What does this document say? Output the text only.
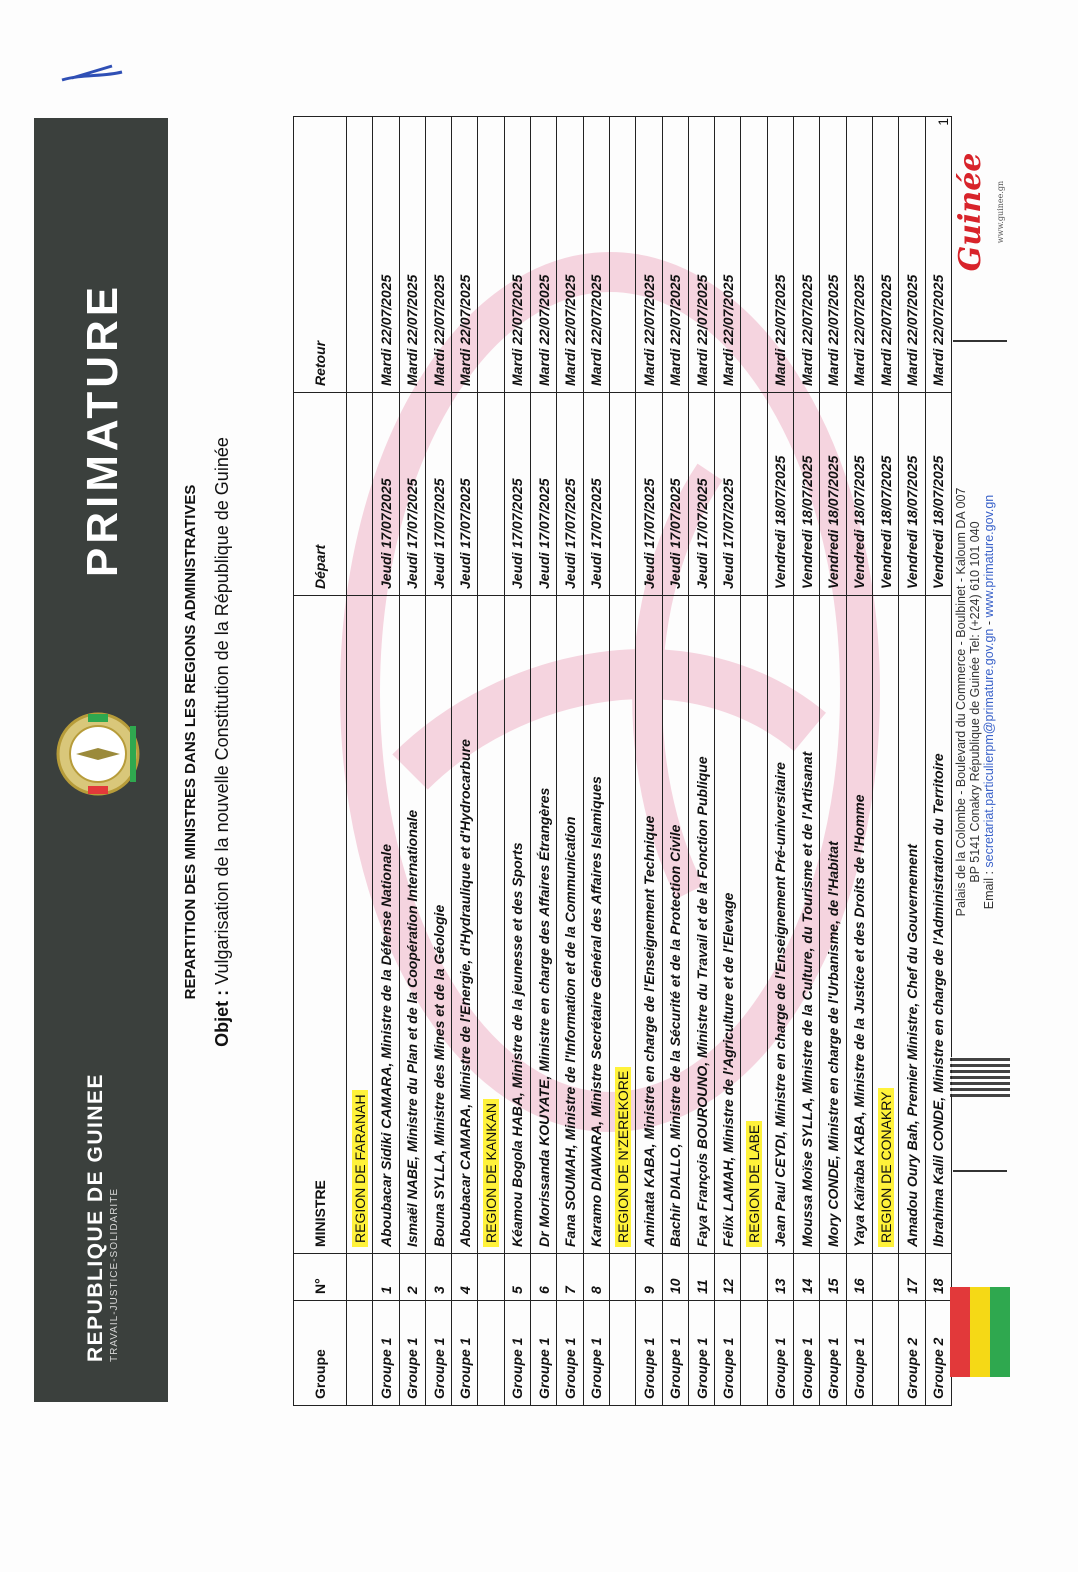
REPUBLIQUE DE GUINEE TRAVAIL-JUSTICE-SOLIDARITE
PRIMATURE
REPARTITION DES MINISTRES DANS LES REGIONS ADMINISTRATIVES
Objet : Vulgarisation de la nouvelle Constitution de la République de Guinée
Groupe	N°	MINISTRE	Départ	Retour
		REGION DE FARANAH		
Groupe 1	1	Aboubacar Sidiki CAMARA, Ministre de la Défense Nationale	Jeudi 17/07/2025	Mardi 22/07/2025
Groupe 1	2	Ismaël NABE, Ministre du Plan et de la Coopération Internationale	Jeudi 17/07/2025	Mardi 22/07/2025
Groupe 1	3	Bouna SYLLA, Ministre des Mines et de la Géologie	Jeudi 17/07/2025	Mardi 22/07/2025
Groupe 1	4	Aboubacar CAMARA, Ministre de l'Energie, d'Hydraulique et d'Hydrocarbure	Jeudi 17/07/2025	Mardi 22/07/2025
		REGION DE KANKAN		
Groupe 1	5	Kéamou Bogola HABA, Ministre de la jeunesse et des Sports	Jeudi 17/07/2025	Mardi 22/07/2025
Groupe 1	6	Dr Morissanda KOUYATE, Ministre en charge des Affaires Étrangères	Jeudi 17/07/2025	Mardi 22/07/2025
Groupe 1	7	Fana SOUMAH, Ministre de l'Information et de la Communication	Jeudi 17/07/2025	Mardi 22/07/2025
Groupe 1	8	Karamo DIAWARA, Ministre Secrétaire Général des Affaires Islamiques	Jeudi 17/07/2025	Mardi 22/07/2025
		REGION DE N'ZEREKORE		
Groupe 1	9	Aminata KABA, Ministre en charge de l'Enseignement Technique	Jeudi 17/07/2025	Mardi 22/07/2025
Groupe 1	10	Bachir DIALLO, Ministre de la Sécurité et de la Protection Civile	Jeudi 17/07/2025	Mardi 22/07/2025
Groupe 1	11	Faya François BOUROUNO, Ministre du Travail et de la Fonction Publique	Jeudi 17/07/2025	Mardi 22/07/2025
Groupe 1	12	Félix LAMAH, Ministre de l'Agriculture et de l'Elevage	Jeudi 17/07/2025	Mardi 22/07/2025
		REGION DE LABE		
Groupe 1	13	Jean Paul CEYDI, Ministre en charge de l'Enseignement Pré-universitaire	Vendredi 18/07/2025	Mardi 22/07/2025
Groupe 1	14	Moussa Moïse SYLLA, Ministre de la Culture, du Tourisme et de l'Artisanat	Vendredi 18/07/2025	Mardi 22/07/2025
Groupe 1	15	Mory CONDE, Ministre en charge de l'Urbanisme, de l'Habitat	Vendredi 18/07/2025	Mardi 22/07/2025
Groupe 1	16	Yaya Kaïraba KABA, Ministre de la Justice et des Droits de l'Homme	Vendredi 18/07/2025	Mardi 22/07/2025
		REGION DE CONAKRY	Vendredi 18/07/2025	Mardi 22/07/2025
Groupe 2	17	Amadou Oury Bah, Premier Ministre, Chef du Gouvernement	Vendredi 18/07/2025	Mardi 22/07/2025
Groupe 2	18	Ibrahima Kalil CONDE, Ministre en charge de l'Administration du Territoire	Vendredi 18/07/2025	Mardi 22/07/2025
1
Palais de la Colombe - Boulevard du Commerce - Boulbinet - Kaloum DA 007 BP 5141 Conakry République de Guinée Tel: (+224) 610 101 040
Email : secretariat.particulierpm@primature.gov.gn - www.primature.gov.gn
Guinée	www.guinee.gn
